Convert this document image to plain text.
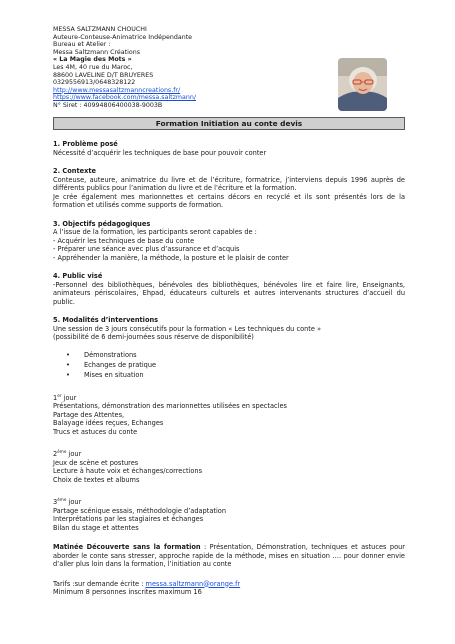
MESSA SALTZMANN CHOUCHI
Auteure-Conteuse-Animatrice Indépendante
Bureau et Atelier :
Messa Saltzmann Créations
« La Magie des Mots »
Les 4M, 40 rue du Maroc,
88600 LAVELINE D/T BRUYERES
0329556913/0648328122
http://www.messasaltzmanncreations.fr/
https://www.facebook.com/messa.saltzmann/
N° Siret : 40994806400038-9003B
Formation Initiation au conte devis

1. Problème posé

Nécessité d’acquérir les techniques de base pour pouvoir conter

2. Contexte

Conteuse, auteure, animatrice du livre et de l’écriture, formatrice, j’interviens depuis 1996 auprès de différents publics pour l’animation du livre et de l’écriture et la formation.

Je crée également mes marionnettes et certains décors en recyclé et ils sont présentés lors de la formation et utilisés comme supports de formation.

3. Objectifs pédagogiques

A l’issue de la formation, les participants seront capables de :

- Acquérir les techniques de base du conte

- Préparer une séance avec plus d’assurance et d’acquis

- Appréhender la manière, la méthode, la posture et le plaisir de conter

4. Public visé

-Personnel des bibliothèques, bénévoles des bibliothèques, bénévoles lire et faire lire, Enseignants, animateurs périscolaires, Ehpad, éducateurs culturels et autres intervenants structures d’accueil du public.

5. Modalités d’interventions

Une session de 3 jours consécutifs pour la formation « Les techniques du conte »

(possibilité de 6 demi-journées sous réserve de disponibilité)

• Démonstrations
• Echanges de pratique
• Mises en situation

1er jour

Présentations, démonstration des marionnettes utilisées en spectacles

Partage des Attentes,

Balayage idées reçues, Echanges

Trucs et astuces du conte

2ème jour

Jeux de scène et postures

Lecture à haute voix et échanges/corrections

Choix de textes et albums

3ème jour

Partage scénique essais, méthodologie d’adaptation

Interprétations par les stagiaires et échanges

Bilan du stage et attentes

Matinée Découverte sans la formation : Présentation, Démonstration, techniques et astuces pour aborder le conte sans stresser, approche rapide de la méthode, mises en situation …. pour donner envie d’aller plus loin dans la formation, l’initiation au conte

Tarifs :sur demande écrite : messa.saltzmann@orange.fr

Minimum 8 personnes inscrites maximum 16
